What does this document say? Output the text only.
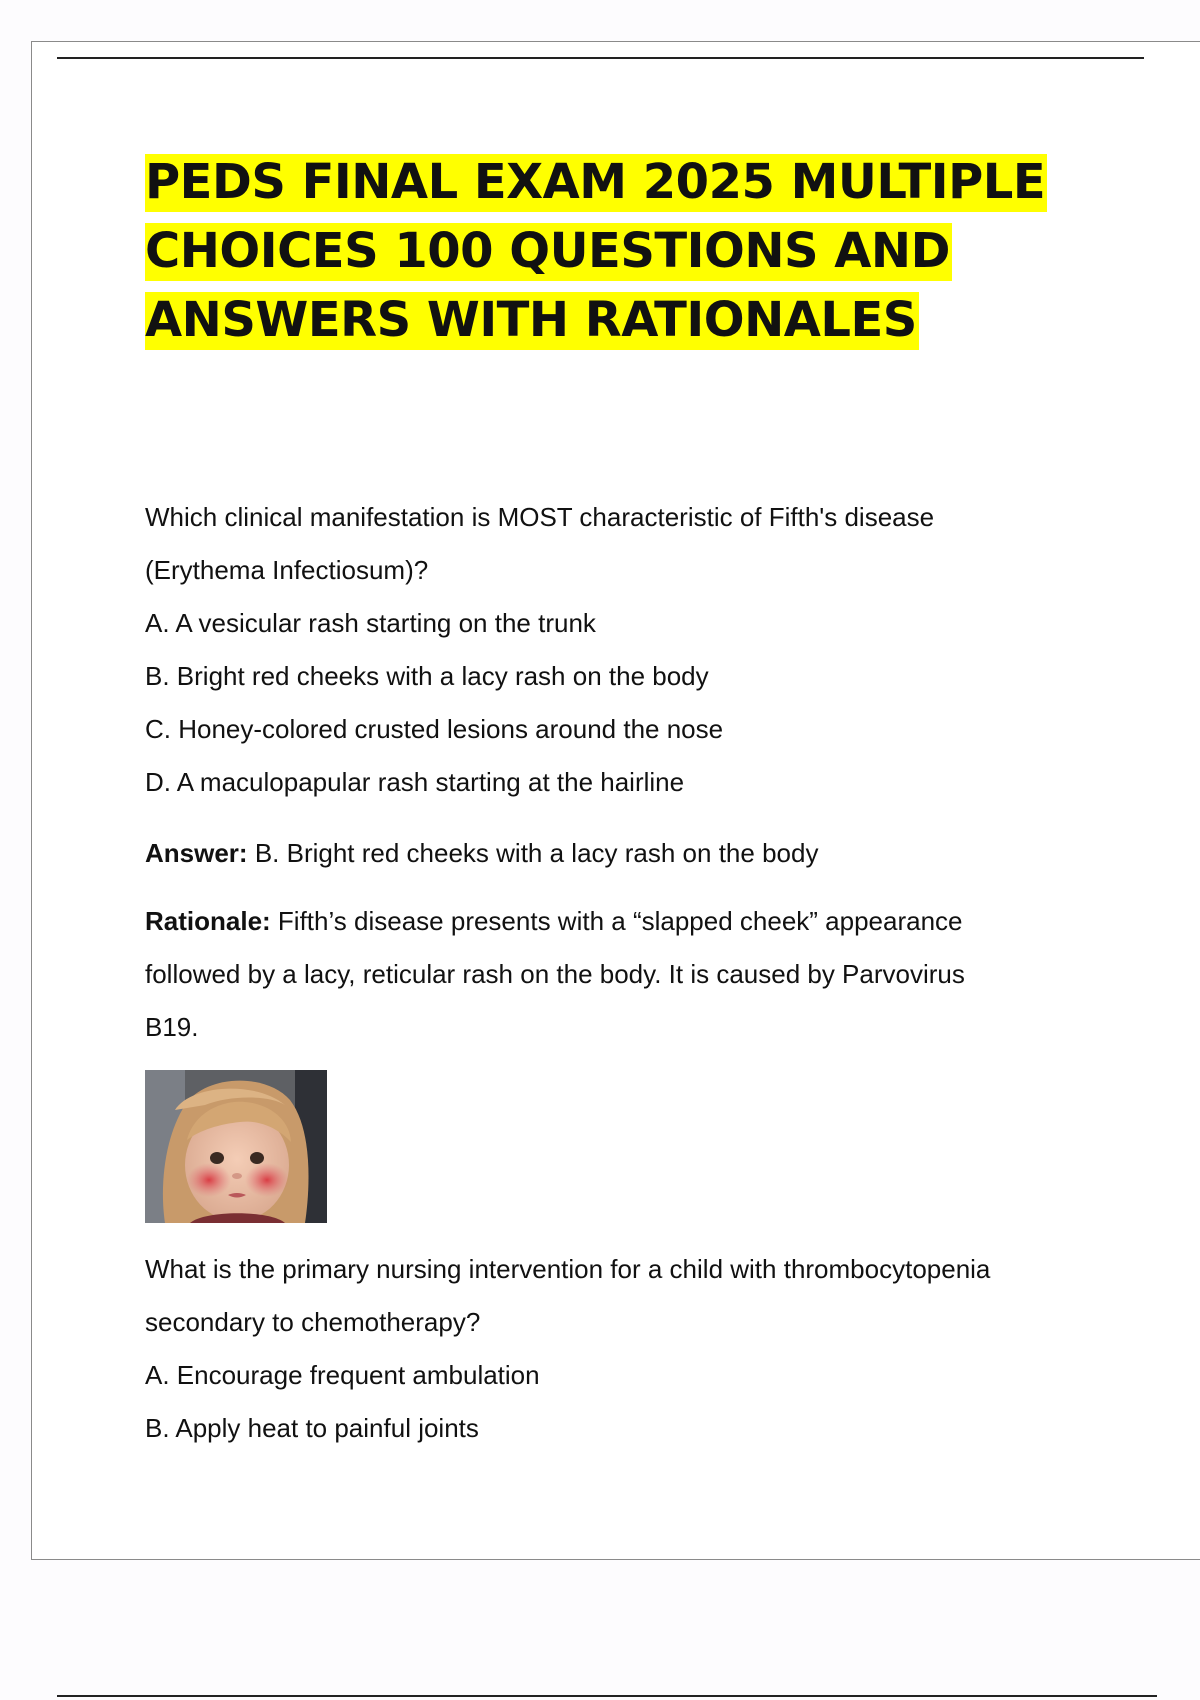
PEDS FINAL EXAM 2025 MULTIPLE CHOICES 100 QUESTIONS AND ANSWERS WITH RATIONALES

Which clinical manifestation is MOST characteristic of Fifth's disease

(Erythema Infectiosum)?

A. A vesicular rash starting on the trunk

B. Bright red cheeks with a lacy rash on the body

C. Honey-colored crusted lesions around the nose

D. A maculopapular rash starting at the hairline

Answer: B. Bright red cheeks with a lacy rash on the body

Rationale: Fifth’s disease presents with a “slapped cheek” appearance

followed by a lacy, reticular rash on the body. It is caused by Parvovirus

B19.

What is the primary nursing intervention for a child with thrombocytopenia

secondary to chemotherapy?

A. Encourage frequent ambulation

B. Apply heat to painful joints
